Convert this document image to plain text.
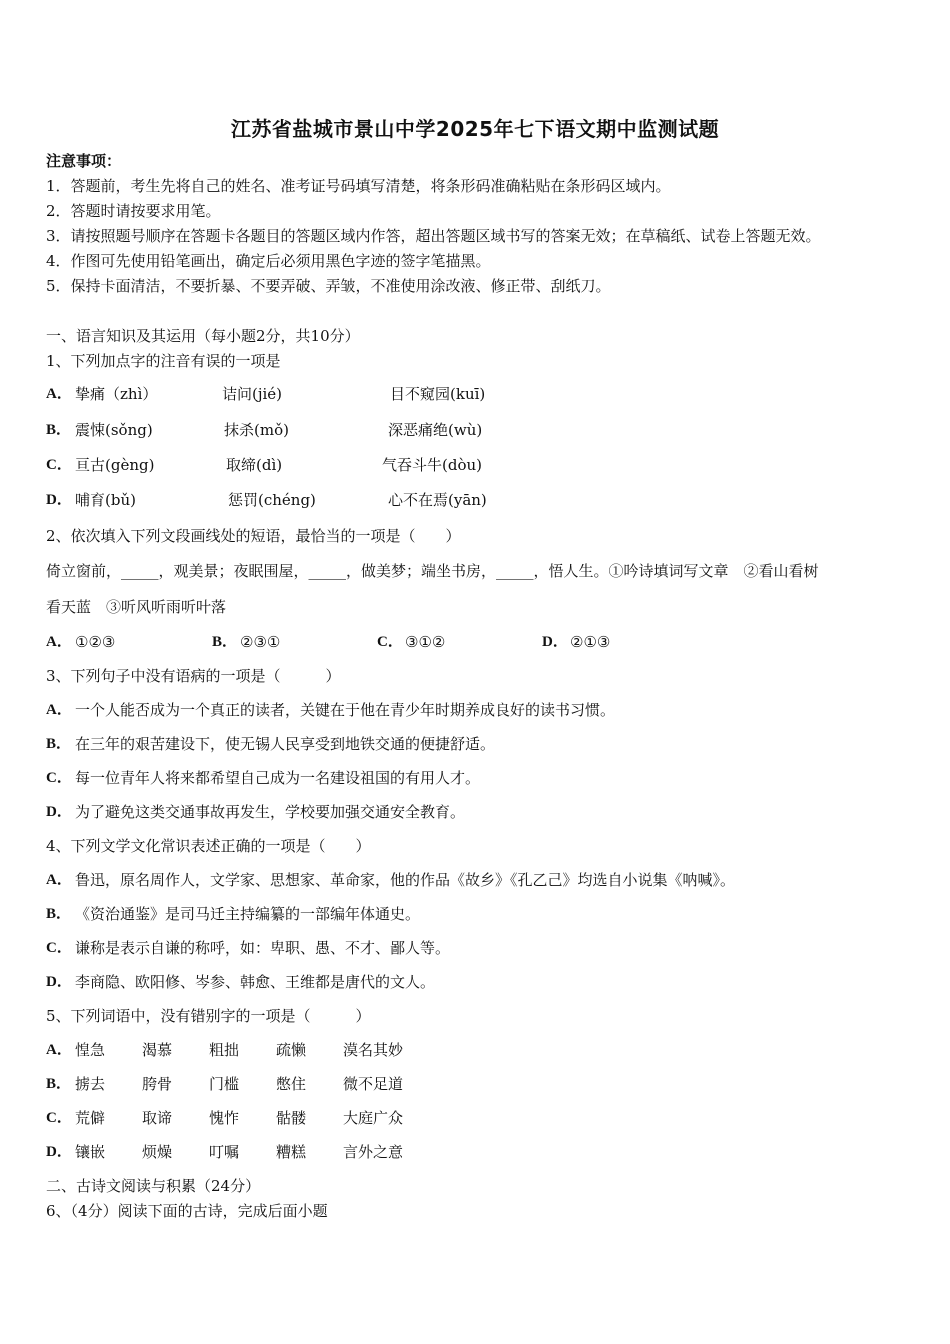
江苏省盐城市景山中学2025年七下语文期中监测试题
注意事项：
1．答题前，考生先将自己的姓名、准考证号码填写清楚，将条形码准确粘贴在条形码区域内。
2．答题时请按要求用笔。
3．请按照题号顺序在答题卡各题目的答题区域内作答，超出答题区域书写的答案无效；在草稿纸、试卷上答题无效。
4．作图可先使用铅笔画出，确定后必须用黑色字迹的签字笔描黑。
5．保持卡面清洁，不要折暴、不要弄破、弄皱，不准使用涂改液、修正带、刮纸刀。
一、语言知识及其运用（每小题2分，共10分）
1、下列加点字的注音有误的一项是
A． 挚痛（zhì）	诘问(jié)	目不窥园(kuī)
B． 震悚(sǒng)	抹杀(mǒ)	深恶痛绝(wù)
C． 亘古(gèng)	取缔(dì)	气吞斗牛(dòu)
D． 哺育(bǔ)	惩罚(chéng)	心不在焉(yān)
2、依次填入下列文段画线处的短语，最恰当的一项是（　　）
倚立窗前，_____，观美景；夜眠围屋，_____，做美梦；端坐书房，_____，悟人生。①吟诗填词写文章　②看山看树
看天蓝　③听风听雨听叶落
A． ①②③	B． ②③①	C． ③①②	D． ②①③
3、下列句子中没有语病的一项是（　　　）
A． 一个人能否成为一个真正的读者，关键在于他在青少年时期养成良好的读书习惯。
B． 在三年的艰苦建设下，使无锡人民享受到地铁交通的便捷舒适。
C． 每一位青年人将来都希望自己成为一名建设祖国的有用人才。
D． 为了避免这类交通事故再发生，学校要加强交通安全教育。
4、下列文学文化常识表述正确的一项是（　　）
A． 鲁迅，原名周作人，文学家、思想家、革命家，他的作品《故乡》《孔乙己》均选自小说集《呐喊》。
B． 《资治通鉴》是司马迁主持编纂的一部编年体通史。
C． 谦称是表示自谦的称呼，如：卑职、愚、不才、鄙人等。
D． 李商隐、欧阳修、岑参、韩愈、王维都是唐代的文人。
5、下列词语中，没有错别字的一项是（　　　）
A． 惶急 渴慕 粗拙 疏懒 漠名其妙
B． 掳去 胯骨 门槛 憋住 微不足道
C． 荒僻 取谛 愧怍 骷髅 大庭广众
D． 镶嵌 烦燥 叮嘱 糟糕 言外之意
二、古诗文阅读与积累（24分）
6、（4分）阅读下面的古诗，完成后面小题
